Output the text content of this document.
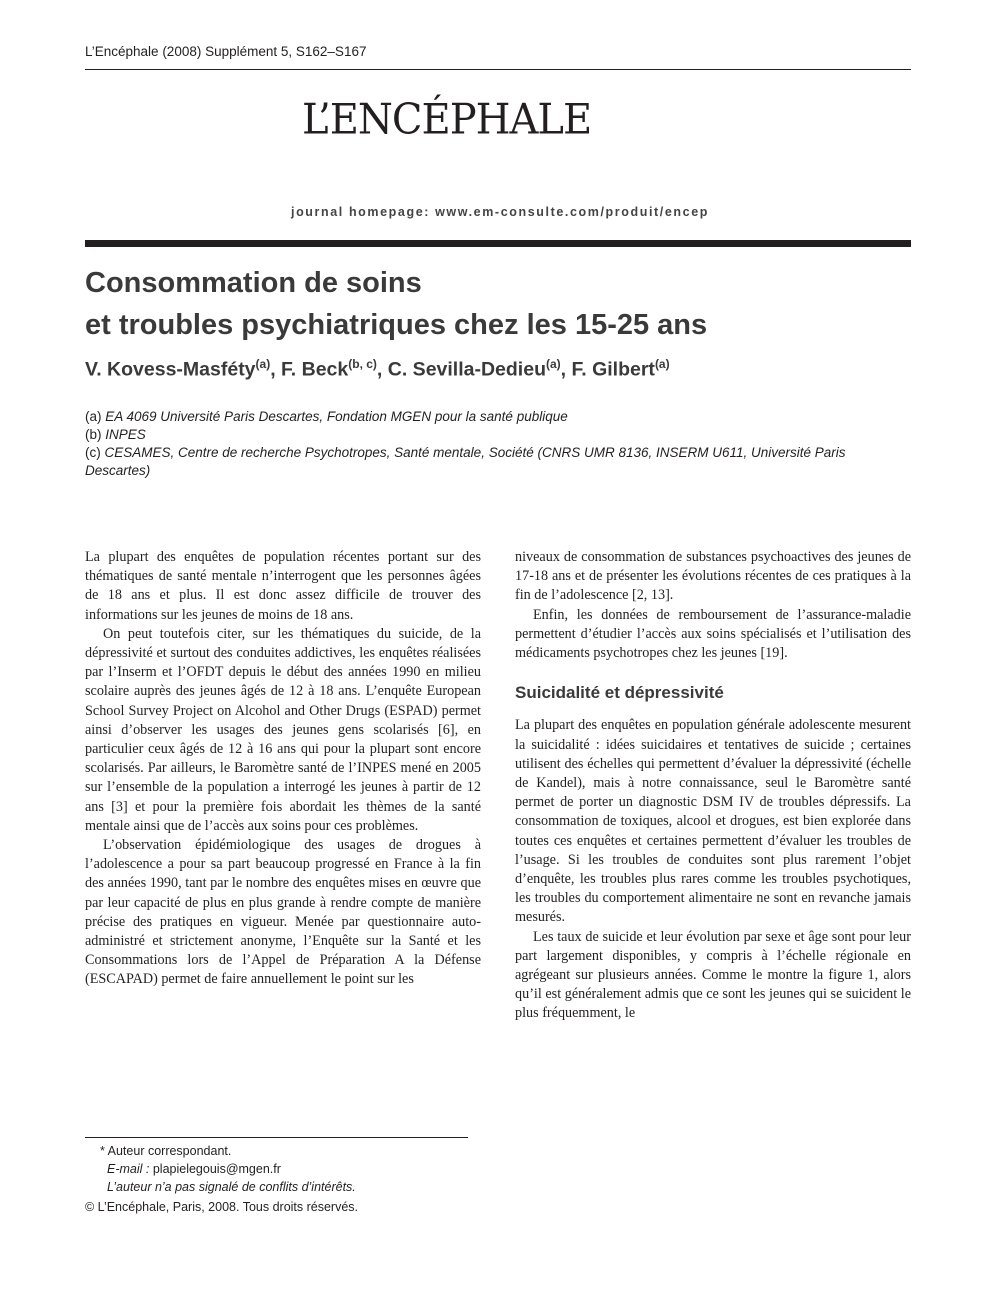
L’Encéphale (2008) Supplément 5, S162–S167
L’ENCÉPHALE
journal homepage: www.em-consulte.com/produit/encep
Consommation de soins
et troubles psychiatriques chez les 15-25 ans
V. Kovess-Masféty$^{(a)}$, F. Beck$^{(b, c)}$, C. Sevilla-Dedieu$^{(a)}$, F. Gilbert$^{(a)}$
(a) EA 4069 Université Paris Descartes, Fondation MGEN pour la santé publique
(b) INPES
(c) CESAMES, Centre de recherche Psychotropes, Santé mentale, Société (CNRS UMR 8136, INSERM U611, Université Paris Descartes)

La plupart des enquêtes de population récentes portant sur des thématiques de santé mentale n’interrogent que les personnes âgées de 18 ans et plus. Il est donc assez difficile de trouver des informations sur les jeunes de moins de 18 ans.

On peut toutefois citer, sur les thématiques du suicide, de la dépressivité et surtout des conduites addictives, les enquêtes réalisées par l’Inserm et l’OFDT depuis le début des années 1990 en milieu scolaire auprès des jeunes âgés de 12 à 18 ans. L’enquête European School Survey Project on Alcohol and Other Drugs (ESPAD) permet ainsi d’observer les usages des jeunes gens scolarisés [6], en particulier ceux âgés de 12 à 16 ans qui pour la plupart sont encore scolarisés. Par ailleurs, le Baromètre santé de l’INPES mené en 2005 sur l’ensemble de la population a interrogé les jeunes à partir de 12 ans [3] et pour la première fois abordait les thèmes de la santé mentale ainsi que de l’accès aux soins pour ces problèmes.

L’observation épidémiologique des usages de drogues à l’adolescence a pour sa part beaucoup progressé en France à la fin des années 1990, tant par le nombre des enquêtes mises en œuvre que par leur capacité de plus en plus grande à rendre compte de manière précise des pratiques en vigueur. Menée par questionnaire auto-administré et strictement anonyme, l’Enquête sur la Santé et les Consommations lors de l’Appel de Préparation A la Défense (ESCAPAD) permet de faire annuellement le point sur les

niveaux de consommation de substances psychoactives des jeunes de 17-18 ans et de présenter les évolutions récentes de ces pratiques à la fin de l’adolescence [2, 13].

Enfin, les données de remboursement de l’assurance-maladie permettent d’étudier l’accès aux soins spécialisés et l’utilisation des médicaments psychotropes chez les jeunes [19].

Suicidalité et dépressivité

La plupart des enquêtes en population générale adolescente mesurent la suicidalité : idées suicidaires et tentatives de suicide ; certaines utilisent des échelles qui permettent d’évaluer la dépressivité (échelle de Kandel), mais à notre connaissance, seul le Baromètre santé permet de porter un diagnostic DSM IV de troubles dépressifs. La consommation de toxiques, alcool et drogues, est bien explorée dans toutes ces enquêtes et certaines permettent d’évaluer les troubles de l’usage. Si les troubles de conduites sont plus rarement l’objet d’enquête, les troubles plus rares comme les troubles psychotiques, les troubles du comportement alimentaire ne sont en revanche jamais mesurés.

Les taux de suicide et leur évolution par sexe et âge sont pour leur part largement disponibles, y compris à l’échelle régionale en agrégeant sur plusieurs années. Comme le montre la figure 1, alors qu’il est généralement admis que ce sont les jeunes qui se suicident le plus fréquemment, le

* Auteur correspondant.
E-mail : plapielegouis@mgen.fr
L’auteur n’a pas signalé de conflits d’intérêts.
© L’Encéphale, Paris, 2008. Tous droits réservés.
